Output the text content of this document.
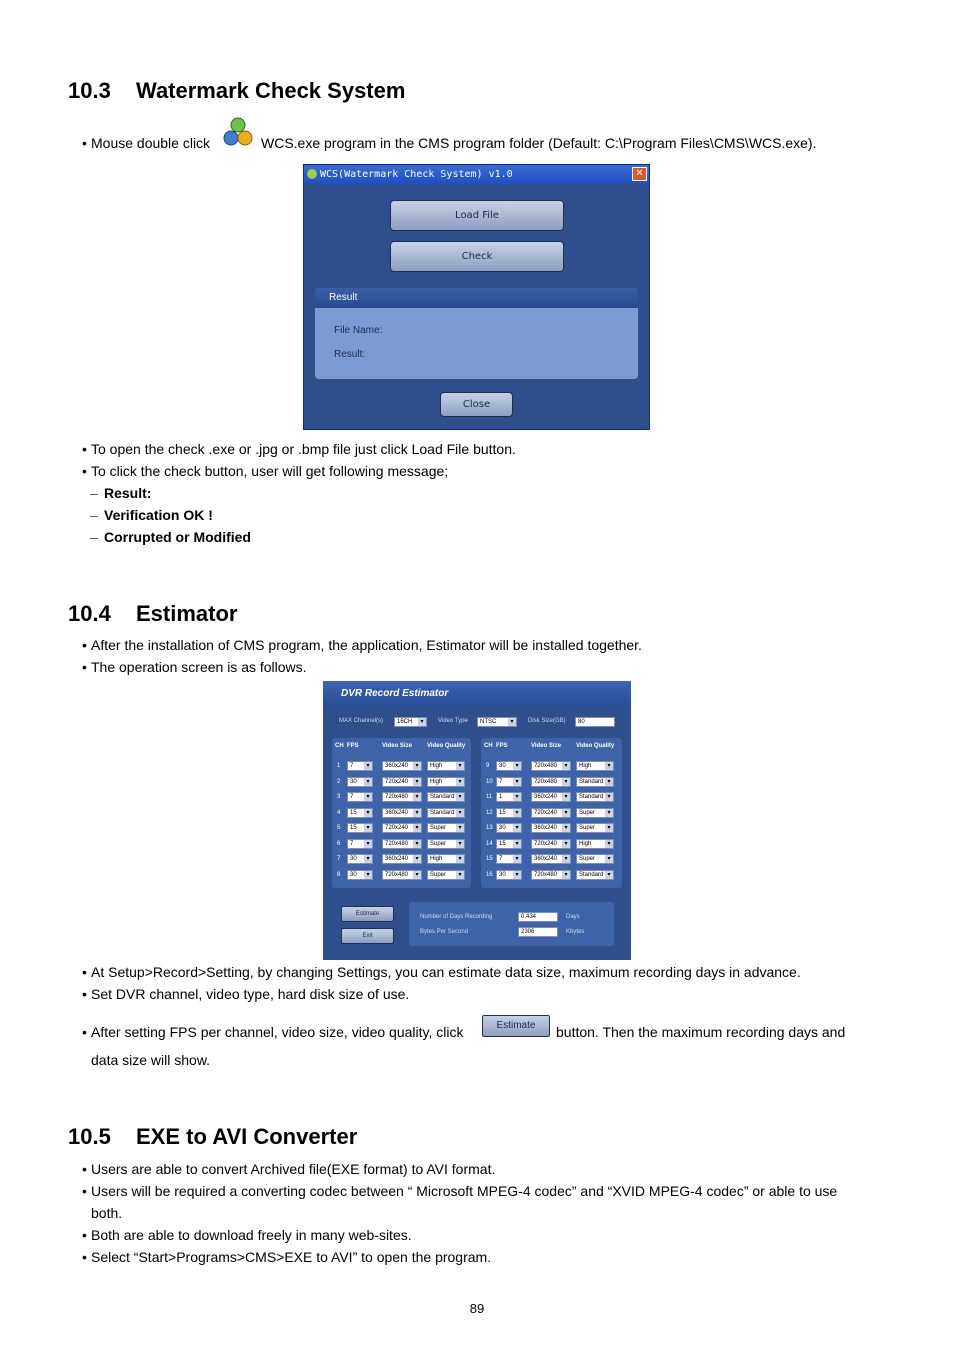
10.3 Watermark Check System
• Mouse double click	WCS.exe program in the CMS program folder (Default: C:\Program Files\CMS\WCS.exe).
WCS(Watermark Check System) v1.0	✕
Load File
Check
Result
File Name:
Result:
Close
• To open the check .exe or .jpg or .bmp file just click Load File button.
• To click the check button, user will get following message;
– Result:
– Verification OK !
– Corrupted or Modified
10.4 Estimator
• After the installation of CMS program, the application, Estimator will be installed together.
• The operation screen is as follows.
DVR Record Estimator
MAX Channel(s)	16CH ▾	Video Type	NTSC ▾	Disk Size(GB)	80
CH FPS	Video Size	Video Quality
1	7 ▾	360x240 ▾	High ▾
2	30 ▾	720x240 ▾	High ▾
3	7 ▾	720x480 ▾	Standard ▾
4	15 ▾	360x240 ▾	Standard ▾
5	15 ▾	720x240 ▾	Super ▾
6	7 ▾	720x480 ▾	Super ▾
7	30 ▾	360x240 ▾	High ▾
8	30 ▾	720x480 ▾	Super ▾
CH FPS	Video Size	Video Quality
9	30 ▾	720x480 ▾	High ▾
10	7 ▾	720x480 ▾	Standard ▾
11	1 ▾	360x240 ▾	Standard ▾
12	15 ▾	720x240 ▾	Super ▾
13	30 ▾	360x240 ▾	Super ▾
14	15 ▾	720x240 ▾	High ▾
15	7 ▾	360x240 ▾	Super ▾
16	30 ▾	720x480 ▾	Standard ▾
Estimate
Exit
Number of Days Recording	0.434	Days
Bytes Per Second	2306	Kbytes
• At Setup>Record>Setting, by changing Settings, you can estimate data size, maximum recording days in advance.
• Set DVR channel, video type, hard disk size of use.
• After setting FPS per channel, video size, video quality, click	Estimate	button. Then the maximum recording days and
data size will show.
10.5 EXE to AVI Converter
• Users are able to convert Archived file(EXE format) to AVI format.
• Users will be required a converting codec between “ Microsoft MPEG-4 codec” and “XVID MPEG-4 codec” or able to use
both.
• Both are able to download freely in many web-sites.
• Select “Start>Programs>CMS>EXE to AVI” to open the program.
89
